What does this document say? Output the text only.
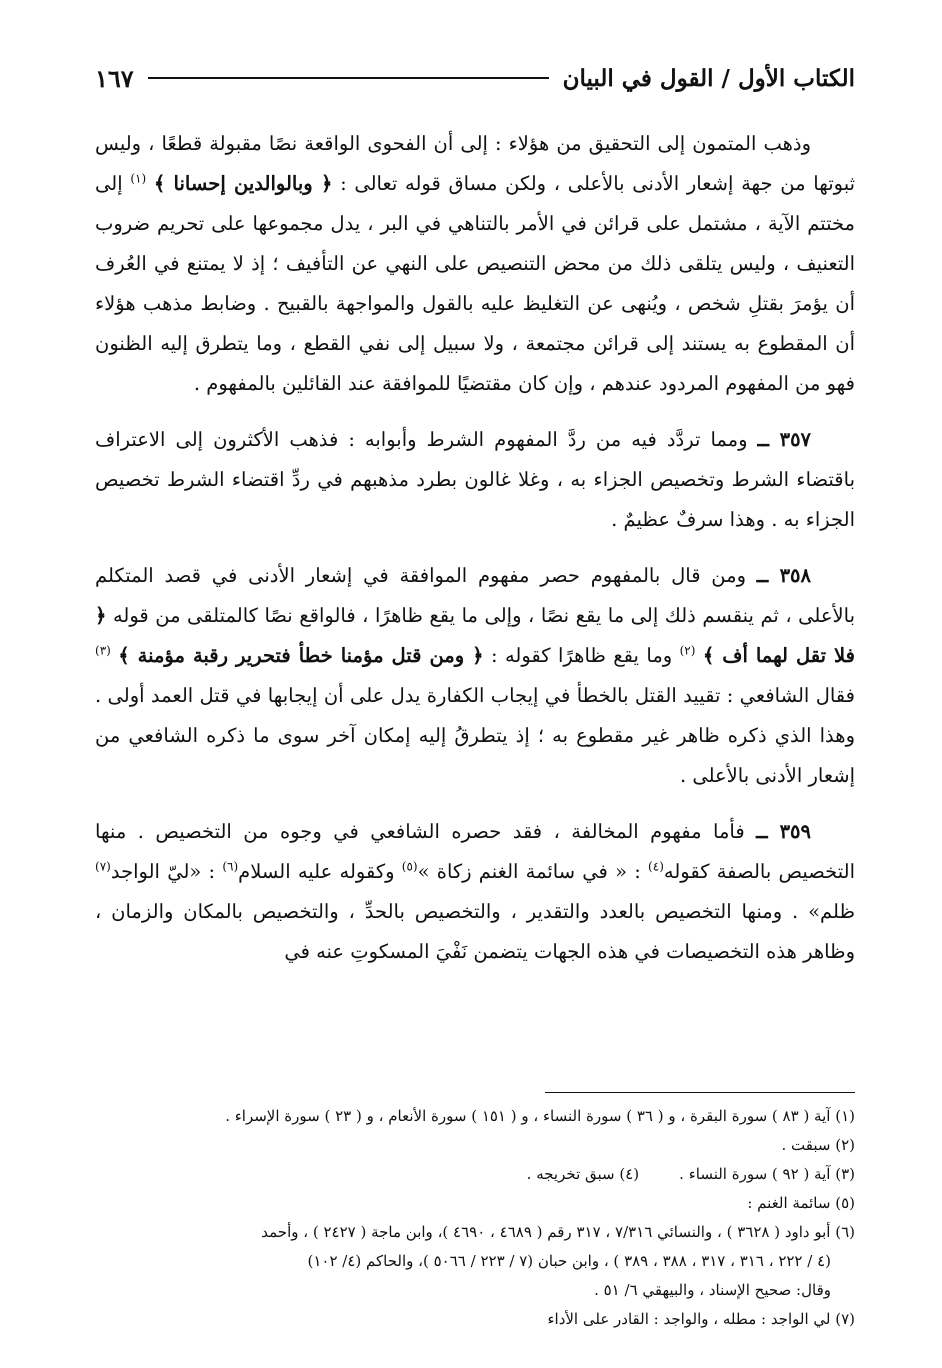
الكتاب الأول / القول في البيان
١٦٧

وذهب المتمون إلى التحقيق من هؤلاء : إلى أن الفحوى الواقعة نصًا مقبولة قطعًا ، وليس ثبوتها من جهة إشعار الأدنى بالأعلى ، ولكن مساق قوله تعالى : ﴿ وبالوالدين إحسانا ﴾ $^{(١)}$ إلى مختتم الآية ، مشتمل على قرائن في الأمر بالتناهي في البر ، يدل مجموعها على تحريم ضروب التعنيف ، وليس يتلقى ذلك من محض التنصيص على النهي عن التأفيف ؛ إذ لا يمتنع في العُرف أن يؤمرَ بقتلِ شخص ، ويُنهى عن التغليظ عليه بالقول والمواجهة بالقبيح . وضابط مذهب هؤلاء أن المقطوع به يستند إلى قرائن مجتمعة ، ولا سبيل إلى نفي القطع ، وما يتطرق إليه الظنون فهو من المفهوم المردود عندهم ، وإن كان مقتضيًا للموافقة عند القائلين بالمفهوم .

٣٥٧ ــ ومما تردَّد فيه من ردَّ المفهوم الشرط وأبوابه : فذهب الأكثرون إلى الاعتراف باقتضاء الشرط وتخصيص الجزاء به ، وغلا غالون بطرد مذهبهم في ردِّ اقتضاء الشرط تخصيص الجزاء به . وهذا سرفٌ عظيمٌ .

٣٥٨ ــ ومن قال بالمفهوم حصر مفهوم الموافقة في إشعار الأدنى في قصد المتكلم بالأعلى ، ثم ينقسم ذلك إلى ما يقع نصًا ، وإلى ما يقع ظاهرًا ، فالواقع نصًا كالمتلقى من قوله ﴿ فلا تقل لهما أف ﴾ $^{(٢)}$ وما يقع ظاهرًا كقوله : ﴿ ومن قتل مؤمنا خطأ فتحرير رقبة مؤمنة ﴾ $^{(٣)}$ فقال الشافعي : تقييد القتل بالخطأ في إيجاب الكفارة يدل على أن إيجابها في قتل العمد أولى . وهذا الذي ذكره ظاهر غير مقطوع به ؛ إذ يتطرقُ إليه إمكان آخر سوى ما ذكره الشافعي من إشعار الأدنى بالأعلى .

٣٥٩ ــ فأما مفهوم المخالفة ، فقد حصره الشافعي في وجوه من التخصيص . منها التخصيص بالصفة كقوله$^{(٤)}$ : « في سائمة الغنم زكاة »$^{(٥)}$ وكقوله عليه السلام$^{(٦)}$ : «ليّ الواجد$^{(٧)}$ ظلم» . ومنها التخصيص بالعدد والتقدير ، والتخصيص بالحدِّ ، والتخصيص بالمكان والزمان ، وظاهر هذه التخصيصات في هذه الجهات يتضمن نَفْيَ المسكوتِ عنه في

(١) آية ( ٨٣ ) سورة البقرة ، و ( ٣٦ ) سورة النساء ، و ( ١٥١ ) سورة الأنعام ، و ( ٢٣ ) سورة الإسراء .

(٢) سبقت .

(٣) آية ( ٩٢ ) سورة النساء .
(٤) سبق تخريجه .

(٥) سائمة الغنم :

(٦) أبو داود ( ٣٦٢٨ ) ، والنسائي ٧/٣١٦ ، ٣١٧ رقم ( ٤٦٨٩ ، ٤٦٩٠ )، وابن ماجة ( ٢٤٢٧ ) ، وأحمد

(٤ / ٢٢٢ ، ٣١٦ ، ٣١٧ ، ٣٨٨ ، ٣٨٩ ) ، وابن حبان (٧ / ٢٢٣ / ٥٠٦٦ )، والحاكم (٤/ ١٠٢)

وقال: صحيح الإسناد ، والبيهقي ٦/ ٥١ .

(٧) لي الواجد : مطله ، والواجد : القادر على الأداء
